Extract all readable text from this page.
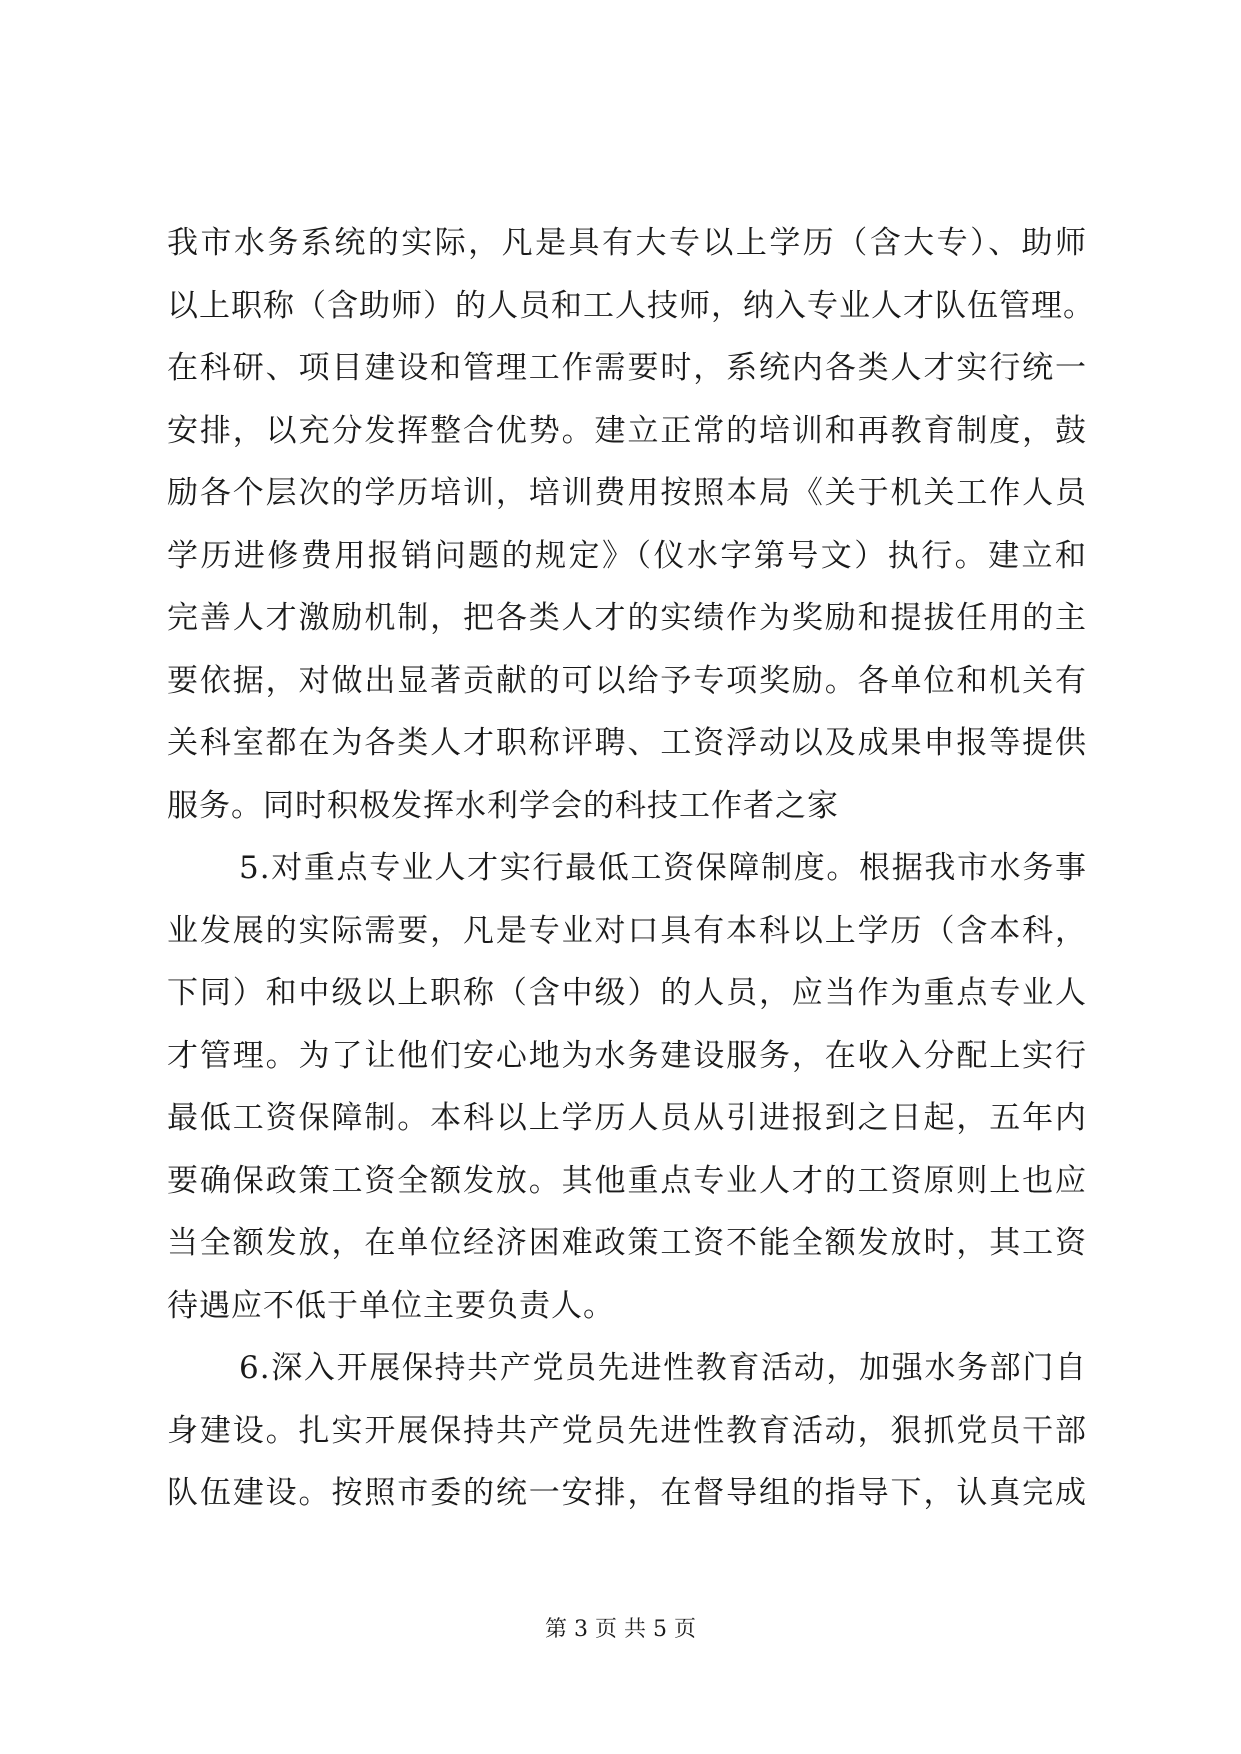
我市水务系统的实际，凡是具有大专以上学历（含大专）、助师
以上职称（含助师）的人员和工人技师，纳入专业人才队伍管理。
在科研、项目建设和管理工作需要时，系统内各类人才实行统一
安排，以充分发挥整合优势。建立正常的培训和再教育制度，鼓
励各个层次的学历培训，培训费用按照本局《关于机关工作人员
学历进修费用报销问题的规定》（仪水字第号文）执行。建立和
完善人才激励机制，把各类人才的实绩作为奖励和提拔任用的主
要依据，对做出显著贡献的可以给予专项奖励。各单位和机关有
关科室都在为各类人才职称评聘、工资浮动以及成果申报等提供
服务。同时积极发挥水利学会的科技工作者之家
5.对重点专业人才实行最低工资保障制度。根据我市水务事
业发展的实际需要，凡是专业对口具有本科以上学历（含本科，
下同）和中级以上职称（含中级）的人员，应当作为重点专业人
才管理。为了让他们安心地为水务建设服务，在收入分配上实行
最低工资保障制。本科以上学历人员从引进报到之日起，五年内
要确保政策工资全额发放。其他重点专业人才的工资原则上也应
当全额发放，在单位经济困难政策工资不能全额发放时，其工资
待遇应不低于单位主要负责人。
6.深入开展保持共产党员先进性教育活动，加强水务部门自
身建设。扎实开展保持共产党员先进性教育活动，狠抓党员干部
队伍建设。按照市委的统一安排，在督导组的指导下，认真完成
第 3 页 共 5 页
